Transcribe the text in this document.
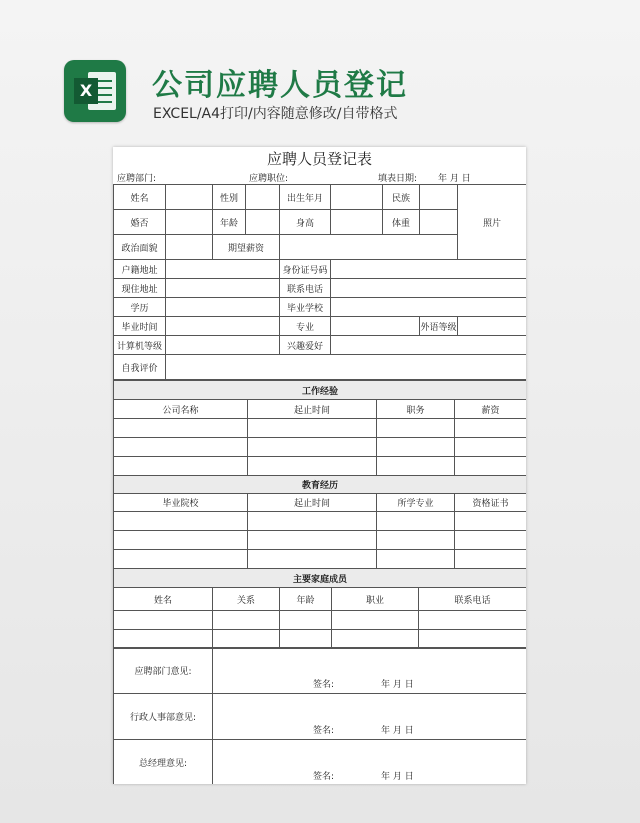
X 公司应聘人员登记
EXCEL/A4打印/内容随意修改/自带格式
应聘人员登记表
应聘部门:	应聘职位:	填表日期: 年 月 日
姓名		性别		出生年月		民族		照片
婚否		年龄		身高		体重		
政治面貌		期望薪资						
户籍地址				身份证号码				
现住地址				联系电话				
学历				毕业学校				
毕业时间				专业			外语等级	
计算机等级				兴趣爱好				
自我评价								
工作经验			
公司名称	起止时间	职务	薪资

教育经历			
毕业院校	起止时间	所学专业	资格证书

主要家庭成员				
姓名	关系	年龄	职业	联系电话

应聘部门意见:	签名: 年 月 日

行政人事部意见:	签名: 年 月 日

总经理意见:	签名: 年 月 日
